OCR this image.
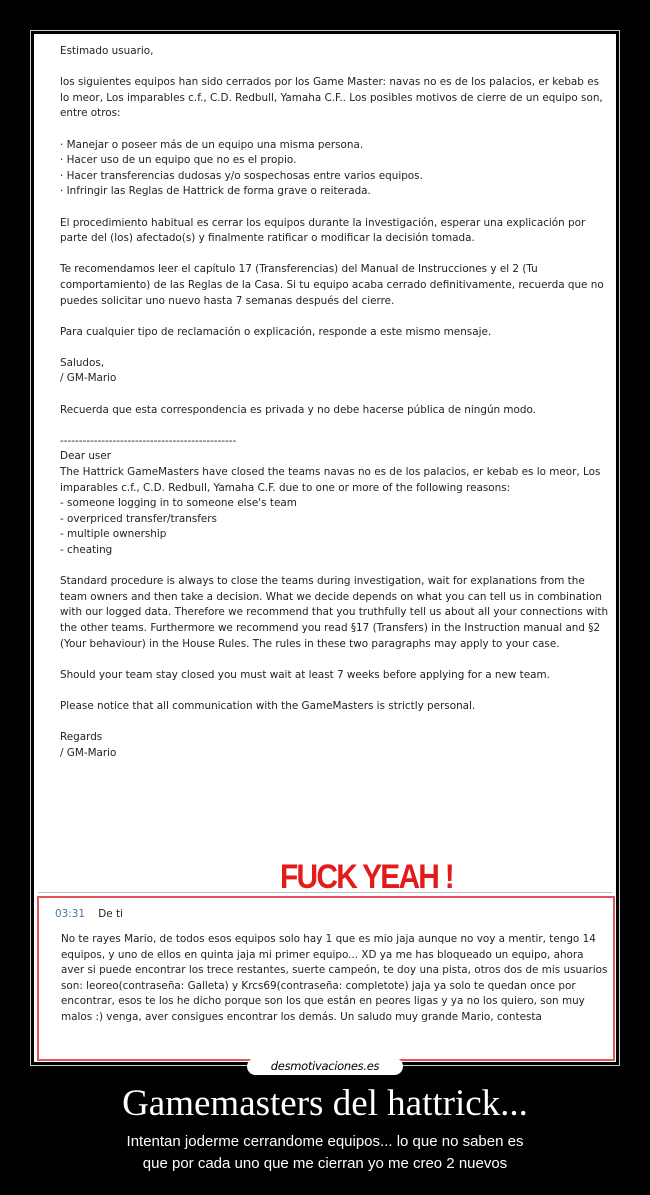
Estimado usuario,

los siguientes equipos han sido cerrados por los Game Master: navas no es de los palacios, er kebab es lo meor, Los imparables c.f., C.D. Redbull, Yamaha C.F.. Los posibles motivos de cierre de un equipo son, entre otros:

· Manejar o poseer más de un equipo una misma persona.
· Hacer uso de un equipo que no es el propio.
· Hacer transferencias dudosas y/o sospechosas entre varios equipos.
· Infringir las Reglas de Hattrick de forma grave o reiterada.

El procedimiento habitual es cerrar los equipos durante la investigación, esperar una explicación por parte del (los) afectado(s) y finalmente ratificar o modificar la decisión tomada.

Te recomendamos leer el capítulo 17 (Transferencias) del Manual de Instrucciones y el 2 (Tu comportamiento) de las Reglas de la Casa. Si tu equipo acaba cerrado definitivamente, recuerda que no puedes solicitar uno nuevo hasta 7 semanas después del cierre.

Para cualquier tipo de reclamación o explicación, responde a este mismo mensaje.

Saludos,
/ GM-Mario

Recuerda que esta correspondencia es privada y no debe hacerse pública de ningún modo.

-----------------------------------------------
Dear user
The Hattrick GameMasters have closed the teams navas no es de los palacios, er kebab es lo meor, Los imparables c.f., C.D. Redbull, Yamaha C.F. due to one or more of the following reasons:
- someone logging in to someone else's team
- overpriced transfer/transfers
- multiple ownership
- cheating

Standard procedure is always to close the teams during investigation, wait for explanations from the team owners and then take a decision. What we decide depends on what you can tell us in combination with our logged data. Therefore we recommend that you truthfully tell us about all your connections with the other teams. Furthermore we recommend you read §17 (Transfers) in the Instruction manual and §2 (Your behaviour) in the House Rules. The rules in these two paragraphs may apply to your case.

Should your team stay closed you must wait at least 7 weeks before applying for a new team.

Please notice that all communication with the GameMasters is strictly personal.

Regards
/ GM-Mario

FUCK YEAH !
03:31 De ti
No te rayes Mario, de todos esos equipos solo hay 1 que es mio jaja aunque no voy a mentir, tengo 14 equipos, y uno de ellos en quinta jaja mi primer equipo... XD ya me has bloqueado un equipo, ahora aver si puede encontrar los trece restantes, suerte campeón, te doy una pista, otros dos de mis usuarios son: leoreo(contraseña: Galleta) y Krcs69(contraseña: completote) jaja ya solo te quedan once por encontrar, esos te los he dicho porque son los que están en peores ligas y ya no los quiero, son muy malos :) venga, aver consigues encontrar los demás. Un saludo muy grande Mario, contesta
desmotivaciones.es
Gamemasters del hattrick...
Intentan joderme cerrandome equipos... lo que no saben es
que por cada uno que me cierran yo me creo 2 nuevos
